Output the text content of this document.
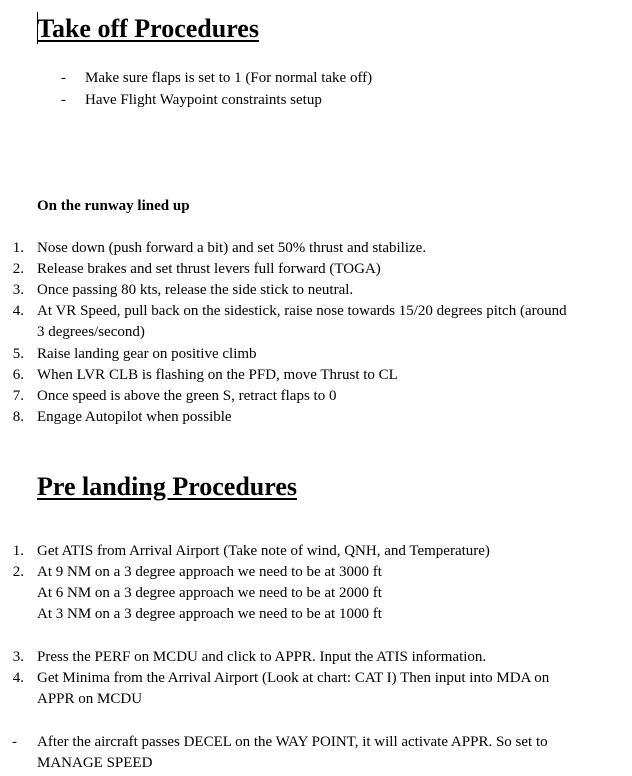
Take off Procedures
- Make sure flaps is set to 1 (For normal take off)
- Have Flight Waypoint constraints setup
On the runway lined up
1. Nose down (push forward a bit) and set 50% thrust and stabilize.
2. Release brakes and set thrust levers full forward (TOGA)
3. Once passing 80 kts, release the side stick to neutral.
4. At VR Speed, pull back on the sidestick, raise nose towards 15/20 degrees pitch (around
3 degrees/second)
5. Raise landing gear on positive climb
6. When LVR CLB is flashing on the PFD, move Thrust to CL
7. Once speed is above the green S, retract flaps to 0
8. Engage Autopilot when possible
Pre landing Procedures
1. Get ATIS from Arrival Airport (Take note of wind, QNH, and Temperature)
2. At 9 NM on a 3 degree approach we need to be at 3000 ft
At 6 NM on a 3 degree approach we need to be at 2000 ft
At 3 NM on a 3 degree approach we need to be at 1000 ft
3. Press the PERF on MCDU and click to APPR. Input the ATIS information.
4. Get Minima from the Arrival Airport (Look at chart: CAT I) Then input into MDA on
APPR on MCDU
- After the aircraft passes DECEL on the WAY POINT, it will activate APPR. So set to
MANAGE SPEED
